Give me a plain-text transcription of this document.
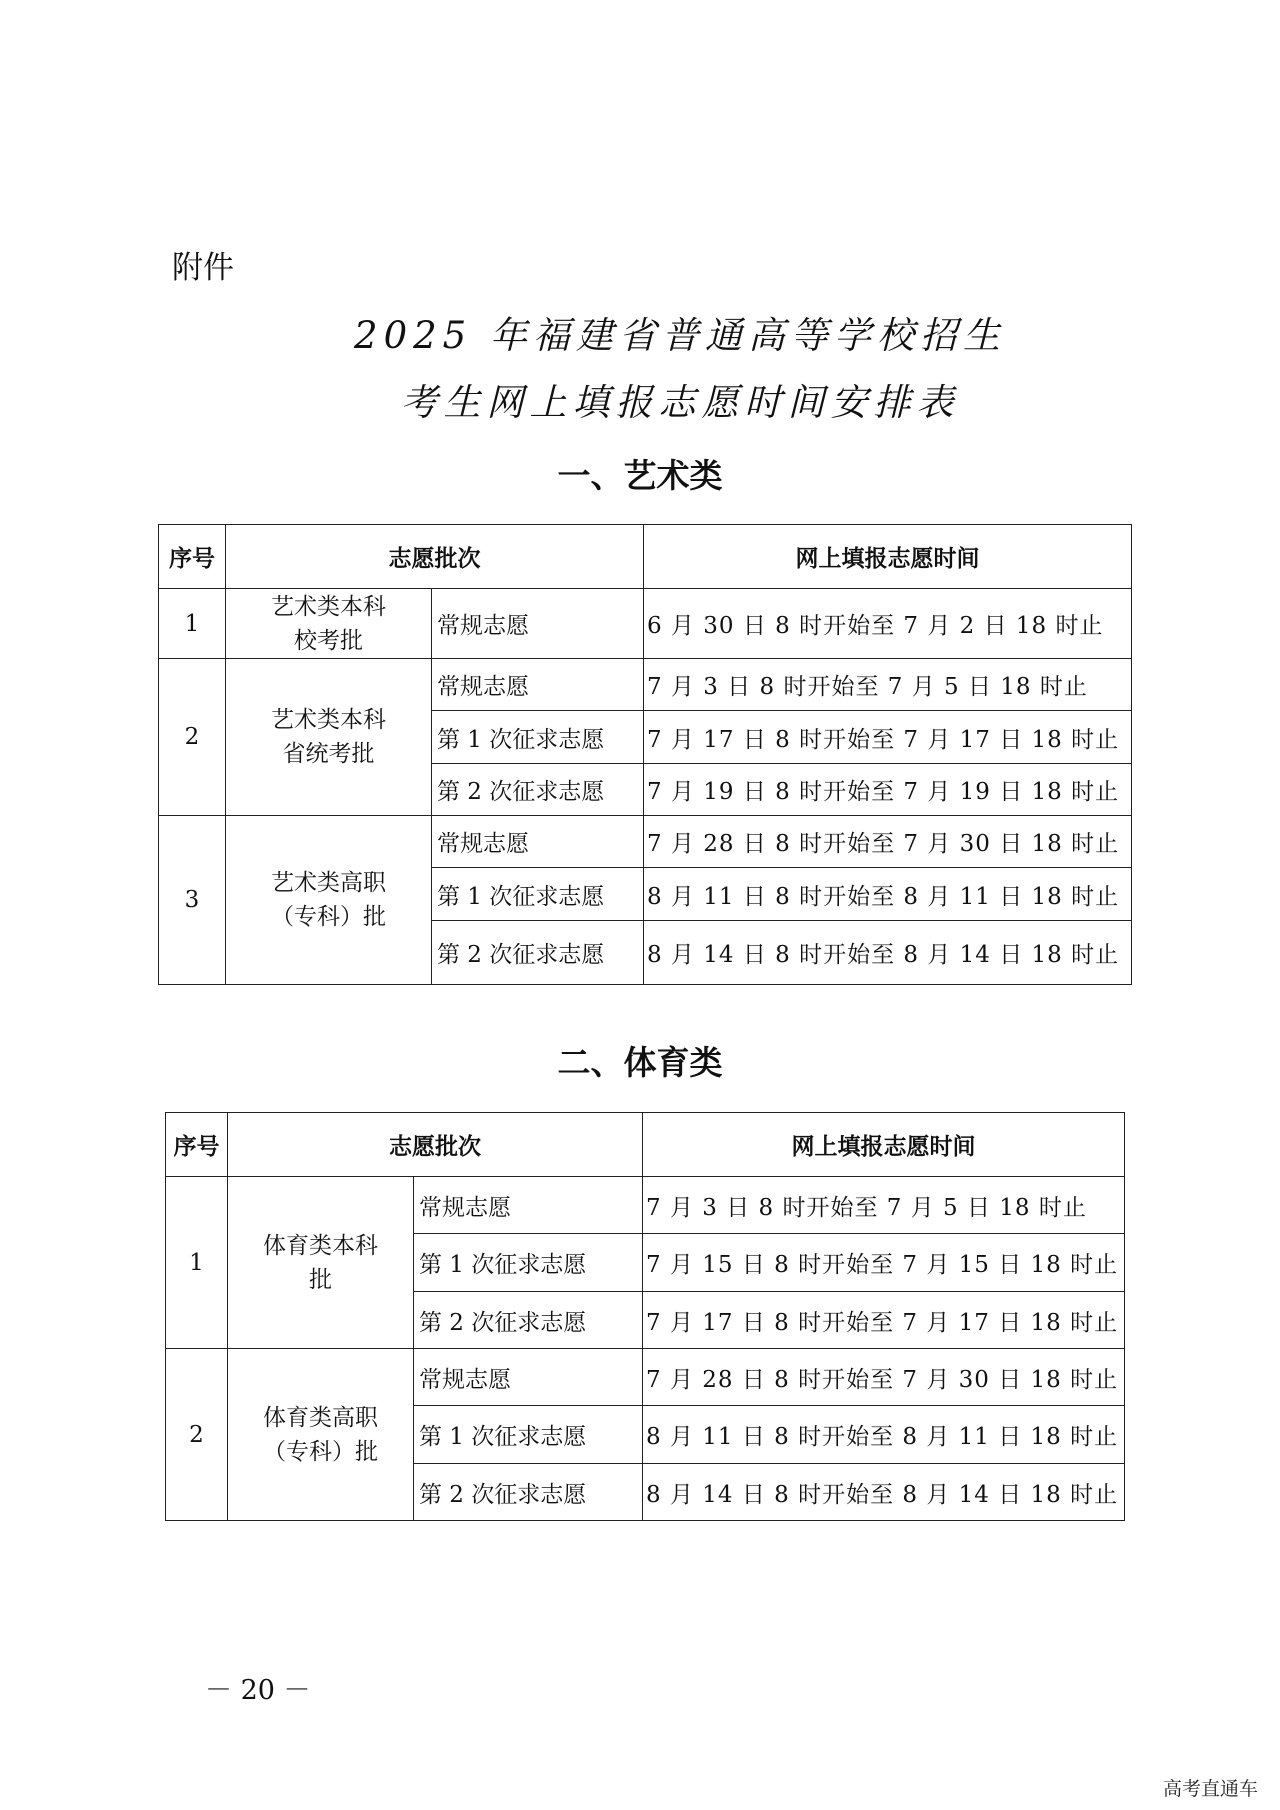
附件
2025 年福建省普通高等学校招生
考生网上填报志愿时间安排表
一、艺术类
序号	志愿批次		网上填报志愿时间
1	艺术类本科校考批	常规志愿	6 月 30 日 8 时开始至 7 月 2 日 18 时止
2	艺术类本科省统考批	常规志愿	7 月 3 日 8 时开始至 7 月 5 日 18 时止
		第 1 次征求志愿	7 月 17 日 8 时开始至 7 月 17 日 18 时止
		第 2 次征求志愿	7 月 19 日 8 时开始至 7 月 19 日 18 时止
3	艺术类高职（专科）批	常规志愿	7 月 28 日 8 时开始至 7 月 30 日 18 时止
		第 1 次征求志愿	8 月 11 日 8 时开始至 8 月 11 日 18 时止
		第 2 次征求志愿	8 月 14 日 8 时开始至 8 月 14 日 18 时止
二、体育类
序号	志愿批次		网上填报志愿时间
1	体育类本科批	常规志愿	7 月 3 日 8 时开始至 7 月 5 日 18 时止
		第 1 次征求志愿	7 月 15 日 8 时开始至 7 月 15 日 18 时止
		第 2 次征求志愿	7 月 17 日 8 时开始至 7 月 17 日 18 时止
2	体育类高职（专科）批	常规志愿	7 月 28 日 8 时开始至 7 月 30 日 18 时止
		第 1 次征求志愿	8 月 11 日 8 时开始至 8 月 11 日 18 时止
		第 2 次征求志愿	8 月 14 日 8 时开始至 8 月 14 日 18 时止
－ 20 －
高考直通车
